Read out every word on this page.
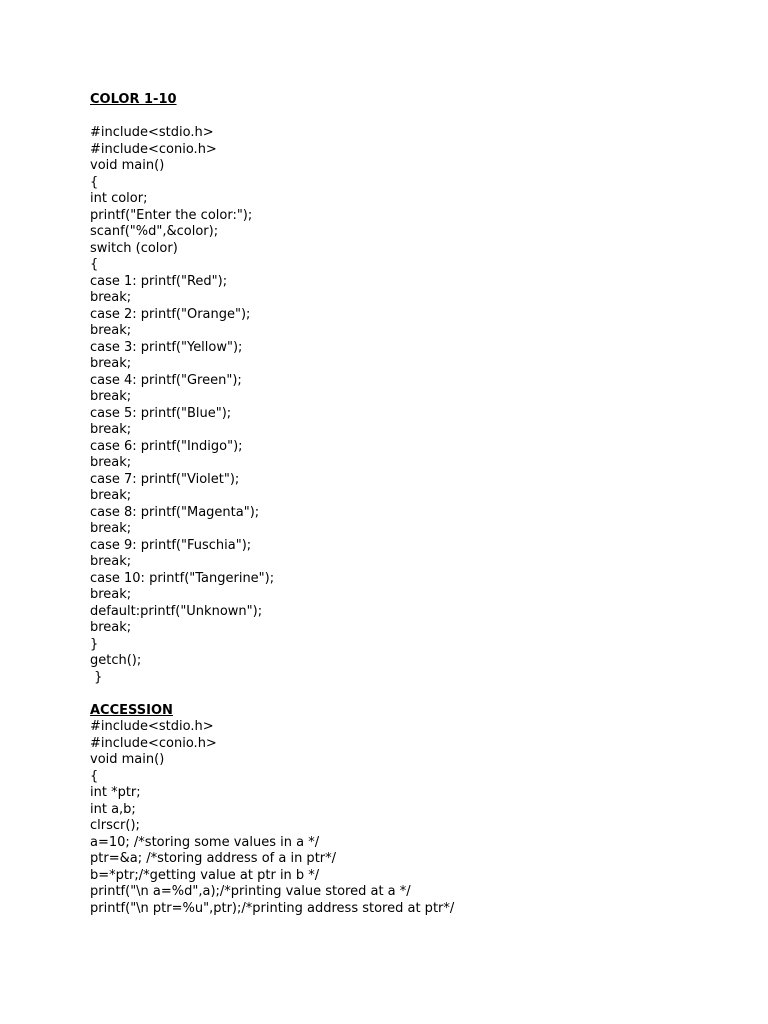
COLOR 1-10
#include<stdio.h>
#include<conio.h>
void main()
{
int color;
printf("Enter the color:");
scanf("%d",&color);
switch (color)
{
case 1: printf("Red");
break;
case 2: printf("Orange");
break;
case 3: printf("Yellow");
break;
case 4: printf("Green");
break;
case 5: printf("Blue");
break;
case 6: printf("Indigo");
break;
case 7: printf("Violet");
break;
case 8: printf("Magenta");
break;
case 9: printf("Fuschia");
break;
case 10: printf("Tangerine");
break;
default:printf("Unknown");
break;
}
getch();
}
ACCESSION
#include<stdio.h>
#include<conio.h>
void main()
{
int *ptr;
int a,b;
clrscr();
a=10; /*storing some values in a */
ptr=&a; /*storing address of a in ptr*/
b=*ptr;/*getting value at ptr in b */
printf("\n a=%d",a);/*printing value stored at a */
printf("\n ptr=%u",ptr);/*printing address stored at ptr*/
